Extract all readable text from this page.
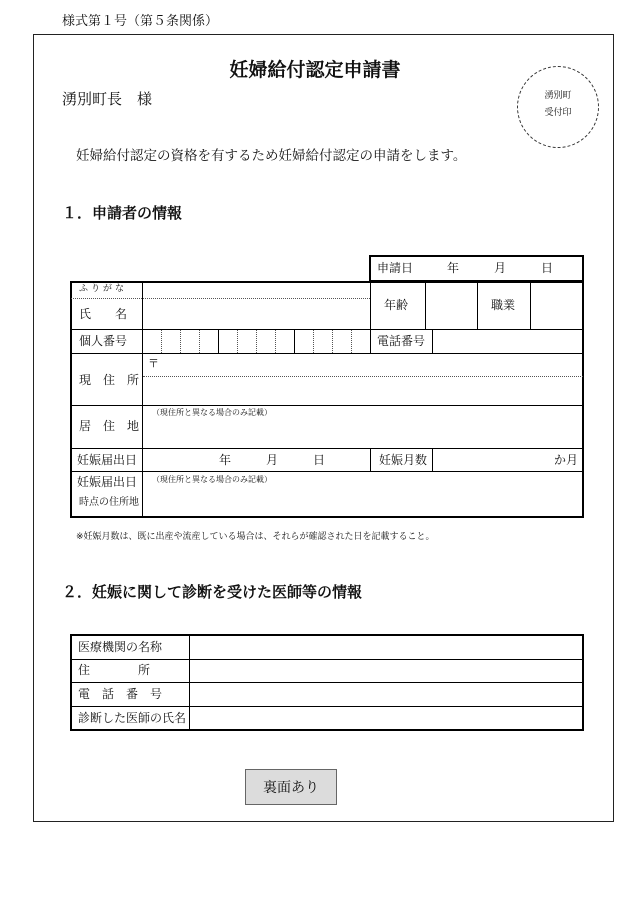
様式第１号（第５条関係）
妊婦給付認定申請書
湧別町長　様	湧別町
受付印
妊婦給付認定の資格を有するため妊婦給付認定の申請をします。
１．申請者の情報
申請日	年	月	日
ふりがな
氏　　名
年齢	職業
個人番号	電話番号
〒
現　住　所
（現住所と異なる場合のみ記載）
居　住　地
妊娠届出日	年	月	日	妊娠月数	か月
妊娠届出日
時点の住所地
（現住所と異なる場合のみ記載）
※妊娠月数は、既に出産や流産している場合は、それらが確認された日を記載すること。
２．妊娠に関して診断を受けた医師等の情報
医療機関の名称
住　　　　所
電　話　番　号
診断した医師の氏名
裏面あり
